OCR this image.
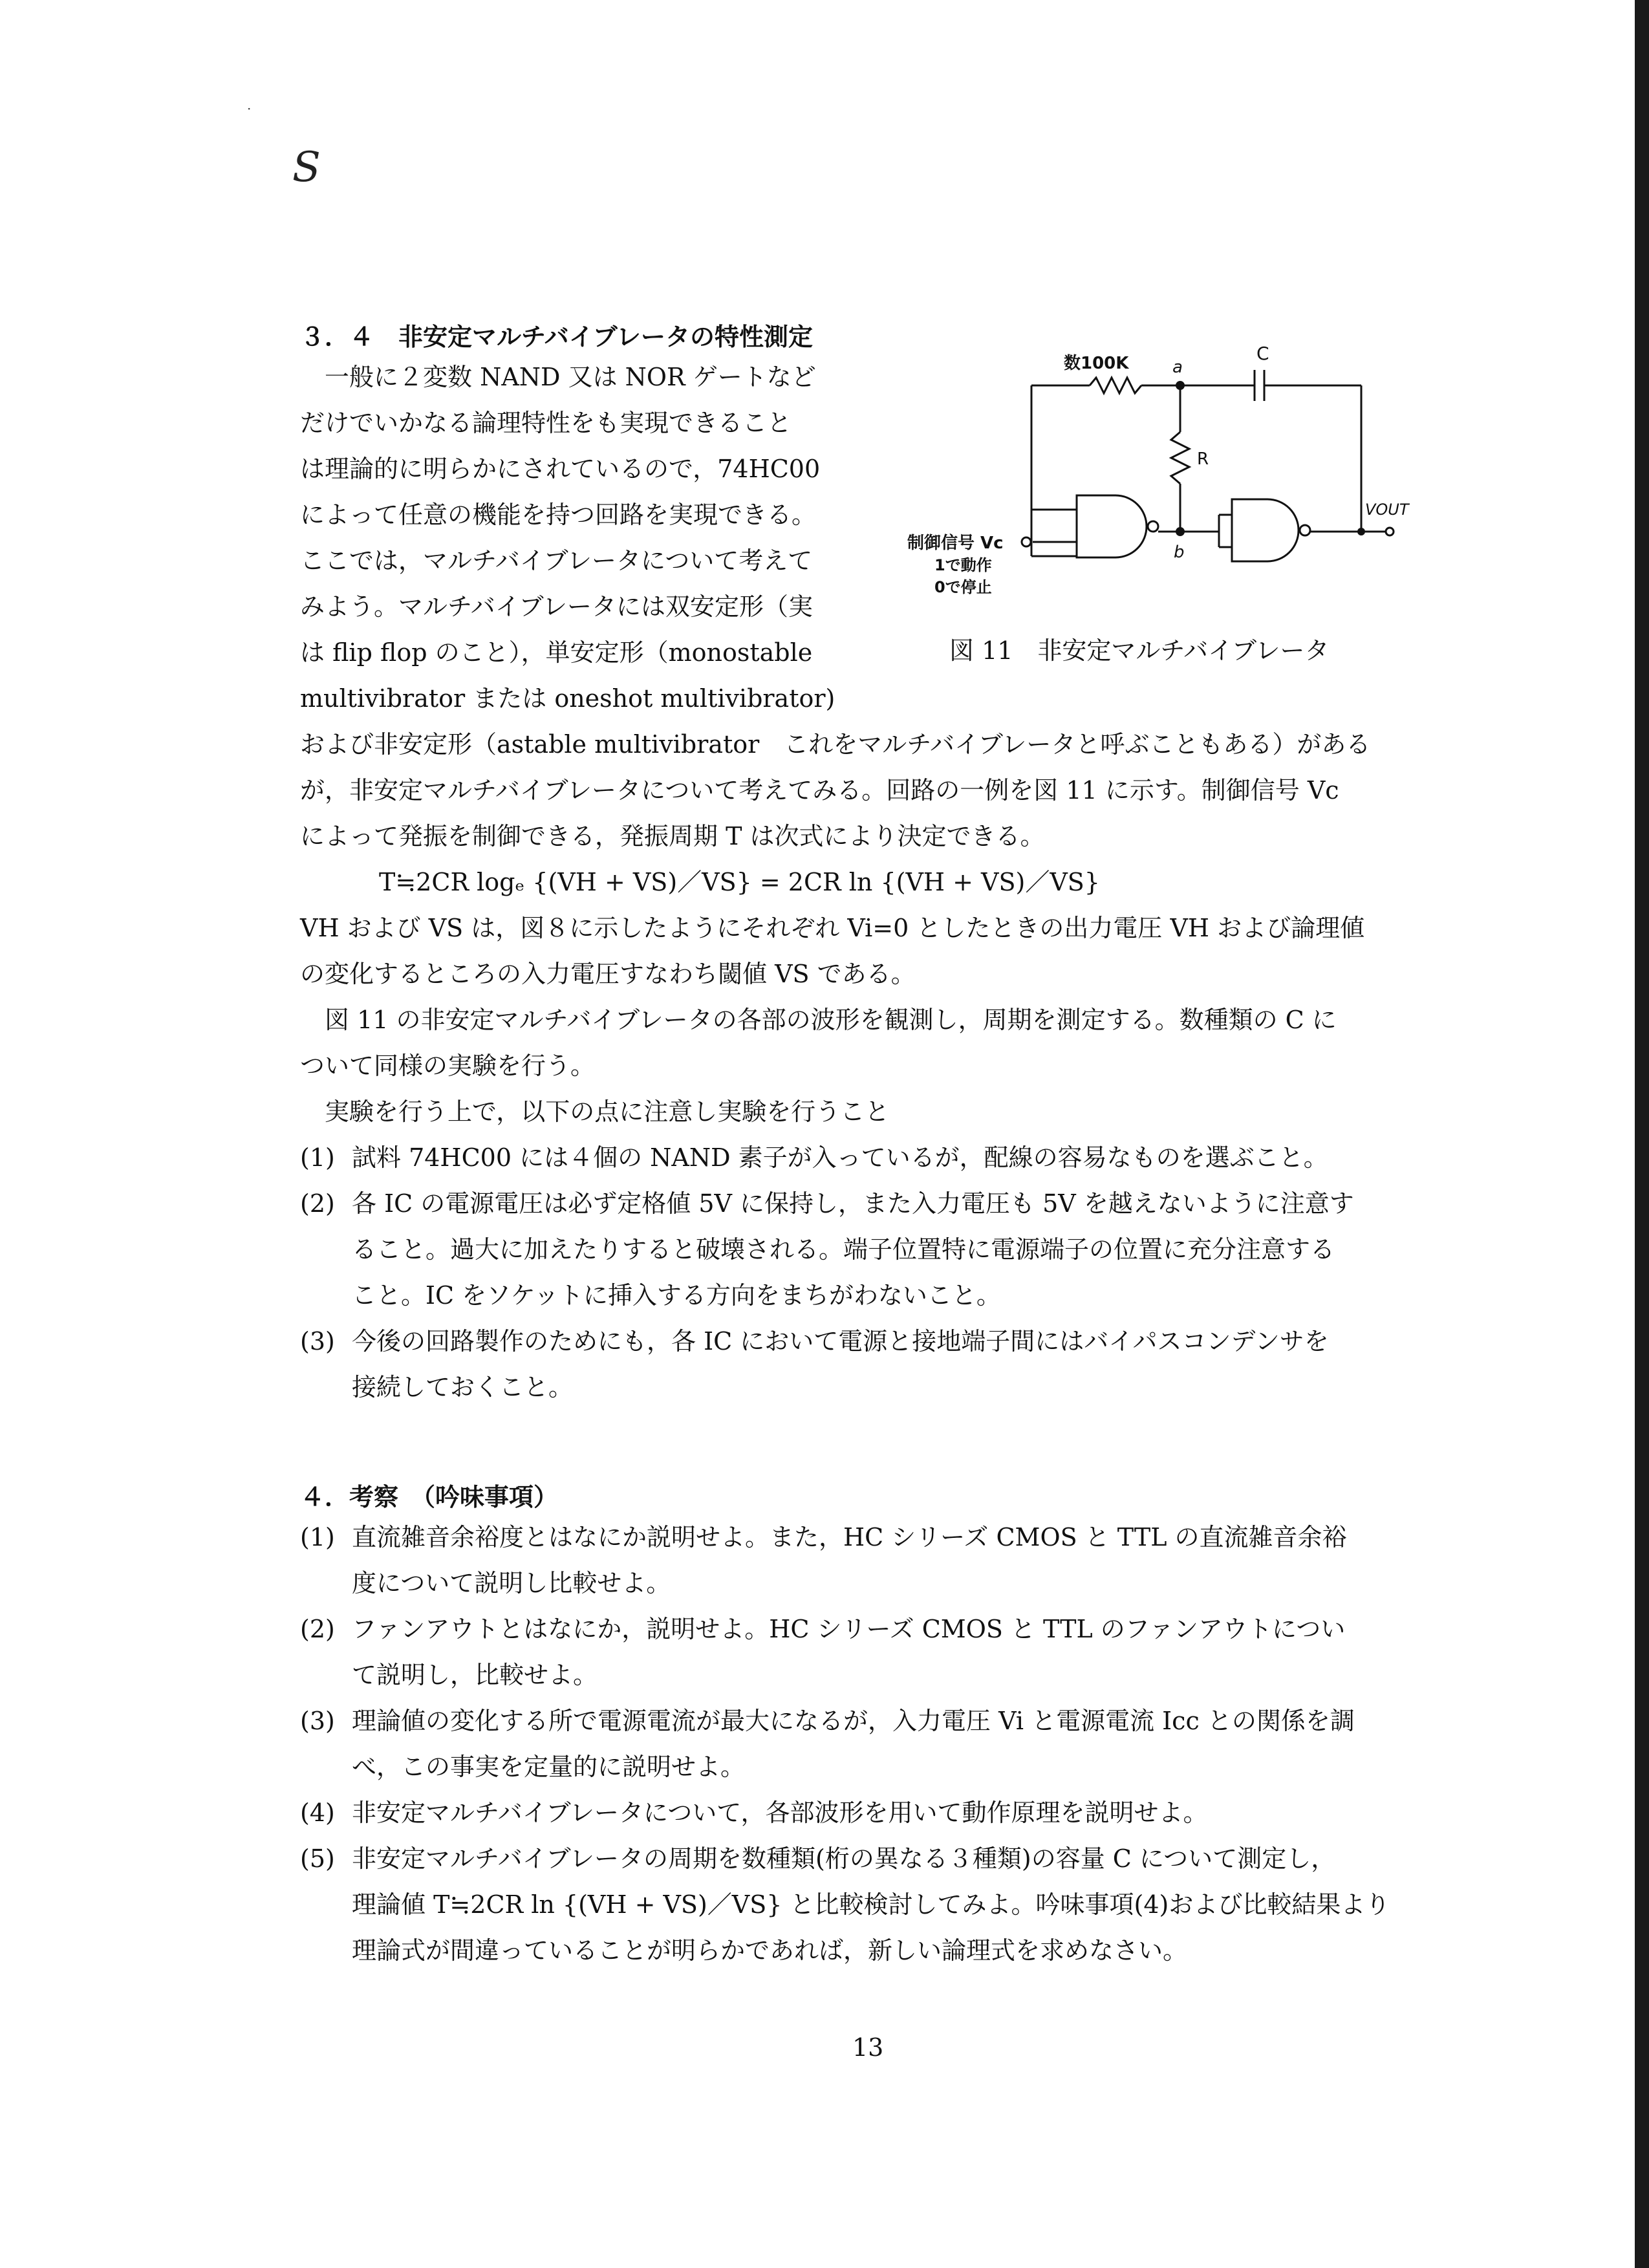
S
·
３．４　非安定マルチバイブレータの特性測定
一般に２変数 NAND 又は NOR ゲートなど
だけでいかなる論理特性をも実現できること
は理論的に明らかにされているので，74HC00
によって任意の機能を持つ回路を実現できる。
ここでは，マルチバイブレータについて考えて
みよう。マルチバイブレータには双安定形（実
は flip flop のこと），単安定形（monostable
multivibrator または oneshot multivibrator)
数100K	a
C
R
b
VOUT
制御信号 Vc
1で動作
0で停止
図 11　非安定マルチバイブレータ
および非安定形（astable multivibrator　これをマルチバイブレータと呼ぶこともある）がある
が，非安定マルチバイブレータについて考えてみる。回路の一例を図 11 に示す。制御信号 Vc
によって発振を制御できる，発振周期 T は次式により決定できる。
T≒2CR logₑ {(VH + VS)／VS} = 2CR ln {(VH + VS)／VS}
VH および VS は，図８に示したようにそれぞれ Vi=0 としたときの出力電圧 VH および論理値
の変化するところの入力電圧すなわち閾値 VS である。
図 11 の非安定マルチバイブレータの各部の波形を観測し，周期を測定する。数種類の C に
ついて同様の実験を行う。
実験を行う上で，以下の点に注意し実験を行うこと
(1) 試料 74HC00 には４個の NAND 素子が入っているが，配線の容易なものを選ぶこと。
(2) 各 IC の電源電圧は必ず定格値 5V に保持し，また入力電圧も 5V を越えないように注意す
ること。過大に加えたりすると破壊される。端子位置特に電源端子の位置に充分注意する
こと。IC をソケットに挿入する方向をまちがわないこと。
(3) 今後の回路製作のためにも，各 IC において電源と接地端子間にはバイパスコンデンサを
接続しておくこと。
４．考察　（吟味事項）
(1) 直流雑音余裕度とはなにか説明せよ。また，HC シリーズ CMOS と TTL の直流雑音余裕
度について説明し比較せよ。
(2) ファンアウトとはなにか，説明せよ。HC シリーズ CMOS と TTL のファンアウトについ
て説明し，比較せよ。
(3) 理論値の変化する所で電源電流が最大になるが，入力電圧 Vi と電源電流 Icc との関係を調
べ，この事実を定量的に説明せよ。
(4) 非安定マルチバイブレータについて，各部波形を用いて動作原理を説明せよ。
(5) 非安定マルチバイブレータの周期を数種類(桁の異なる３種類)の容量 C について測定し，
理論値 T≒2CR ln {(VH + VS)／VS} と比較検討してみよ。吟味事項(4)および比較結果より
理論式が間違っていることが明らかであれば，新しい論理式を求めなさい。
13
